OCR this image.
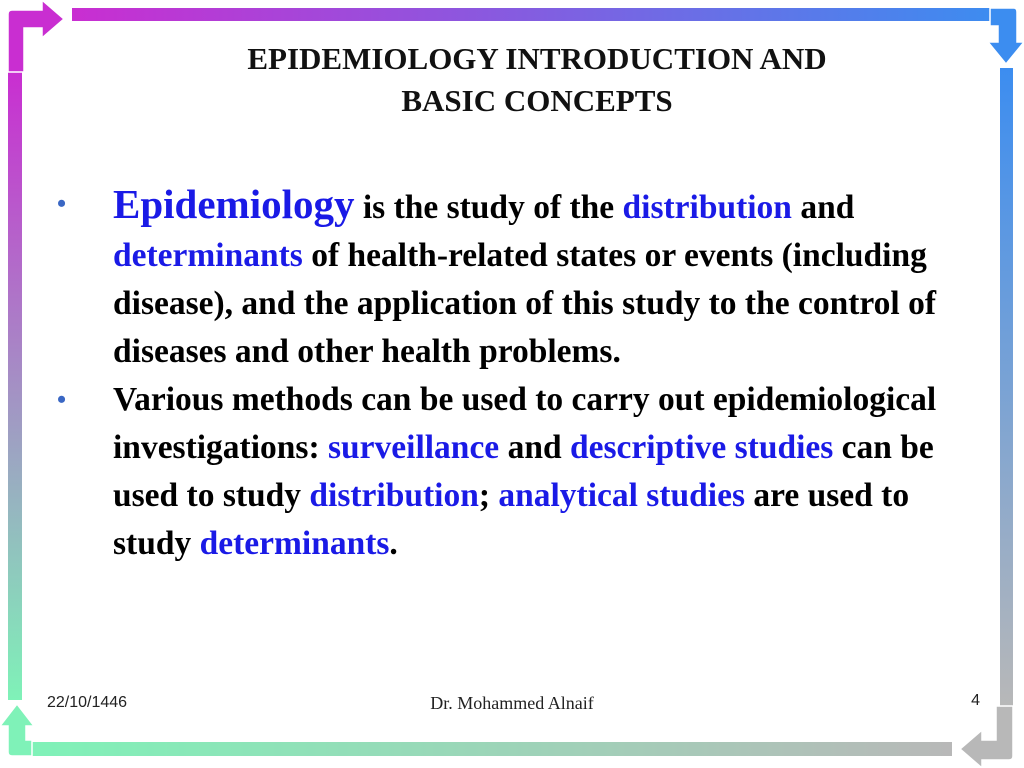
EPIDEMIOLOGY INTRODUCTION AND
BASIC CONCEPTS
• Epidemiology is the study of the distribution and determinants of health-related states or events (including disease), and the application of this study to the control of diseases and other health problems.
• Various methods can be used to carry out epidemiological investigations: surveillance and descriptive studies can be used to study distribution; analytical studies are used to study determinants.
22/10/1446	Dr. Mohammed Alnaif	4
